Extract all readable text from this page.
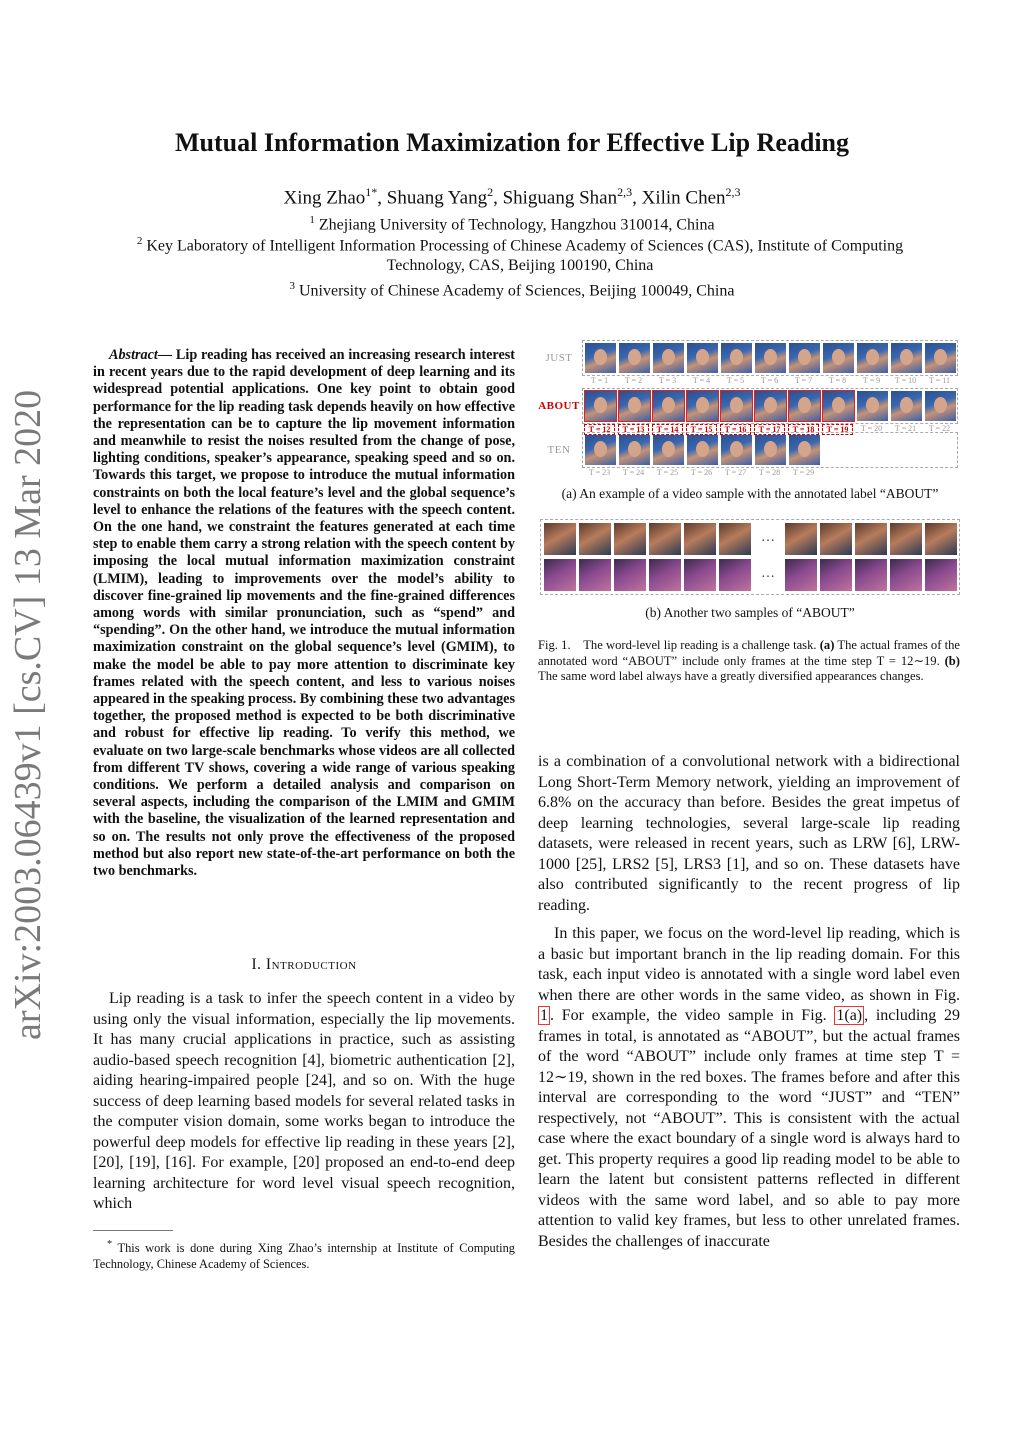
Mutual Information Maximization for Effective Lip Reading
Xing Zhao$^{1*}$, Shuang Yang$^2$, Shiguang Shan$^{2,3}$, Xilin Chen$^{2,3}$
$^1$ Zhejiang University of Technology, Hangzhou 310014, China
$^2$ Key Laboratory of Intelligent Information Processing of Chinese Academy of Sciences (CAS), Institute of Computing Technology, CAS, Beijing 100190, China
$^3$ University of Chinese Academy of Sciences, Beijing 100049, China
arXiv:2003.06439v1 [cs.CV] 13 Mar 2020

Abstract— Lip reading has received an increasing research interest in recent years due to the rapid development of deep learning and its widespread potential applications. One key point to obtain good performance for the lip reading task depends heavily on how effective the representation can be to capture the lip movement information and meanwhile to resist the noises resulted from the change of pose, lighting conditions, speaker’s appearance, speaking speed and so on. Towards this target, we propose to introduce the mutual information constraints on both the local feature’s level and the global sequence’s level to enhance the relations of the features with the speech content. On the one hand, we constraint the features generated at each time step to enable them carry a strong relation with the speech content by imposing the local mutual information maximization constraint (LMIM), leading to improvements over the model’s ability to discover fine-grained lip movements and the fine-grained differences among words with similar pronunciation, such as “spend” and “spending”. On the other hand, we introduce the mutual information maximization constraint on the global sequence’s level (GMIM), to make the model be able to pay more attention to discriminate key frames related with the speech content, and less to various noises appeared in the speaking process. By combining these two advantages together, the proposed method is expected to be both discriminative and robust for effective lip reading. To verify this method, we evaluate on two large-scale benchmarks whose videos are all collected from different TV shows, covering a wide range of various speaking conditions. We perform a detailed analysis and comparison on several aspects, including the comparison of the LMIM and GMIM with the baseline, the visualization of the learned representation and so on. The results not only prove the effectiveness of the proposed method but also report new state-of-the-art performance on both the two benchmarks.

I. Introduction

Lip reading is a task to infer the speech content in a video by using only the visual information, especially the lip movements. It has many crucial applications in practice, such as assisting audio-based speech recognition [4], biometric authentication [2], aiding hearing-impaired people [24], and so on. With the huge success of deep learning based models for several related tasks in the computer vision domain, some works began to introduce the powerful deep models for effective lip reading in these years [2], [20], [19], [16]. For example, [20] proposed an end-to-end deep learning architecture for word level visual speech recognition, which

* This work is done during Xing Zhao’s internship at Institute of Computing Technology, Chinese Academy of Sciences.

JUST
T = 1	T = 2	T = 3	T = 4	T = 5	T = 6	T = 7	T = 8	T = 9	T = 10	T = 11
ABOUT
T = 12	T = 13	T = 14	T = 15	T = 16	T = 17	T = 18	T = 19	T = 20	T = 21	T = 22
TEN
T = 23	T = 24	T = 25	T = 26	T = 27	T = 28	T = 29
(a) An example of a video sample with the annotated label “ABOUT”
…
…
(b) Another two samples of “ABOUT”
Fig. 1. The word-level lip reading is a challenge task. (a) The actual frames of the annotated word “ABOUT” include only frames at the time step T = 12∼19. (b) The same word label always have a greatly diversified appearances changes.

is a combination of a convolutional network with a bidirectional Long Short-Term Memory network, yielding an improvement of 6.8% on the accuracy than before. Besides the great impetus of deep learning technologies, several large-scale lip reading datasets, were released in recent years, such as LRW [6], LRW-1000 [25], LRS2 [5], LRS3 [1], and so on. These datasets have also contributed significantly to the recent progress of lip reading.

In this paper, we focus on the word-level lip reading, which is a basic but important branch in the lip reading domain. For this task, each input video is annotated with a single word label even when there are other words in the same video, as shown in Fig. 1 . For example, the video sample in Fig. 1(a) , including 29 frames in total, is annotated as “ABOUT”, but the actual frames of the word “ABOUT” include only frames at time step T = 12∼19, shown in the red boxes. The frames before and after this interval are corresponding to the word “JUST” and “TEN” respectively, not “ABOUT”. This is consistent with the actual case where the exact boundary of a single word is always hard to get. This property requires a good lip reading model to be able to learn the latent but consistent patterns reflected in different videos with the same word label, and so able to pay more attention to valid key frames, but less to other unrelated frames. Besides the challenges of inaccurate
